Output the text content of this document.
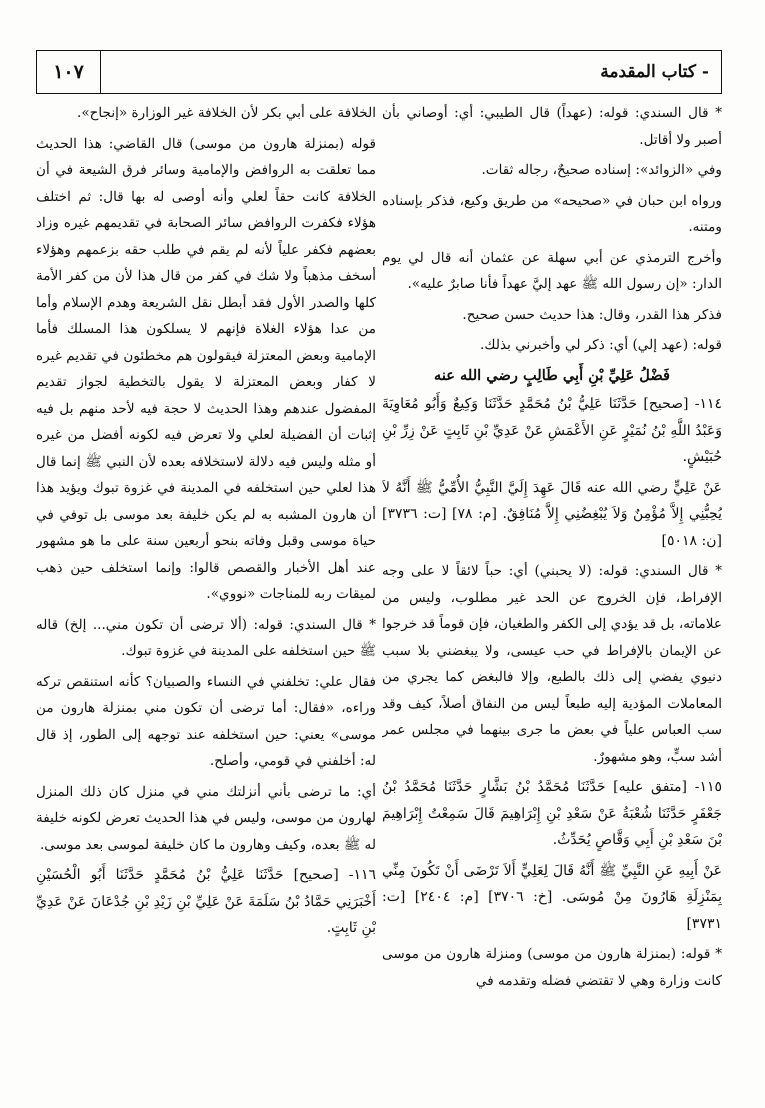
١٠٧	- كتاب المقدمة

* قال السندي: قوله: (عهداً) قال الطيبي: أي: أوصاني بأن أصبر ولا أقاتل.

وفي «الزوائد»: إسناده صحيحٌ، رجاله ثقات.

ورواه ابن حبان في «صحيحه» من طريق وكيع، فذكر بإسناده ومتنه.

وأخرج الترمذي عن أبي سهلة عن عثمان أنه قال لي يوم الدار: «إن رسول الله ﷺ عهد إليَّ عهداً فأنا صابرٌ عليه».

فذكر هذا القدر، وقال: هذا حديث حسن صحيح.

قوله: (عهد إلي) أي: ذكر لي وأخبرني بذلك.

فَضْلُ عَلِيِّ بْنِ أَبِي طَالِبٍ رضي الله عنه

١١٤- [صحيح] حَدَّثَنَا عَلِيُّ بْنُ مُحَمَّدٍ حَدَّثَنَا وَكِيعٌ وَأَبُو مُعَاوِيَةَ وَعَبْدُ اللَّهِ بْنُ نُمَيْرٍ عَنِ الأَعْمَشِ عَنْ عَدِيِّ بْنِ ثَابِتٍ عَنْ زِرِّ بْنِ حُبَيْشٍ.

عَنْ عَلِيٍّ رضي الله عنه قَالَ عَهِدَ إِلَيَّ النَّبِيُّ الأُمِّيُّ ﷺ أَنَّهُ لاَ يُحِبُّنِي إِلاَّ مُؤْمِنٌ وَلاَ يُبْغِضُنِي إِلاَّ مُنَافِقٌ. [م: ٧٨] [ت: ٣٧٣٦] [ن: ٥٠١٨]

* قال السندي: قوله: (لا يحبني) أي: حباً لائقاً لا على وجه الإفراط، فإن الخروج عن الحد غير مطلوب، وليس من علاماته، بل قد يؤدي إلى الكفر والطغيان، فإن قوماً قد خرجوا عن الإيمان بالإفراط في حب عيسى، ولا يبغضني بلا سبب دنيوي يفضي إلى ذلك بالطبع، وإلا فالبغض كما يجري من المعاملات المؤدية إليه طبعاً ليس من النفاق أصلاً، كيف وقد سب العباس علياً في بعض ما جرى بينهما في مجلس عمر أشد سبٍّ، وهو مشهورٌ.

١١٥- [متفق عليه] حَدَّثَنَا مُحَمَّدُ بْنُ بَشَّارٍ حَدَّثَنَا مُحَمَّدُ بْنُ جَعْفَرٍ حَدَّثَنَا شُعْبَةُ عَنْ سَعْدِ بْنِ إِبْرَاهِيمَ قَالَ سَمِعْتُ إِبْرَاهِيمَ بْنَ سَعْدِ بْنِ أَبِي وَقَّاصٍ يُحَدِّثُ.

عَنْ أَبِيهِ عَنِ النَّبِيِّ ﷺ أَنَّهُ قَالَ لِعَلِيٍّ أَلاَ تَرْضَى أَنْ تَكُونَ مِنِّي بِمَنْزِلَةِ هَارُونَ مِنْ مُوسَى. [خ: ٣٧٠٦] [م: ٢٤٠٤] [ت: ٣٧٣١]

* قوله: (بمنزلة هارون من موسى) ومنزلة هارون من موسى كانت وزارة وهي لا تقتضي فضله وتقدمه في

الخلافة على أبي بكر لأن الخلافة غير الوزارة «إنجاح».

قوله (بمنزلة هارون من موسى) قال القاضي: هذا الحديث مما تعلقت به الروافض والإمامية وسائر فرق الشيعة في أن الخلافة كانت حقاً لعلي وأنه أوصى له بها قال: ثم اختلف هؤلاء فكفرت الروافض سائر الصحابة في تقديمهم غيره وزاد بعضهم فكفر علياً لأنه لم يقم في طلب حقه بزعمهم وهؤلاء أسخف مذهباً ولا شك في كفر من قال هذا لأن من كفر الأمة كلها والصدر الأول فقد أبطل نقل الشريعة وهدم الإسلام وأما من عدا هؤلاء الغلاة فإنهم لا يسلكون هذا المسلك فأما الإمامية وبعض المعتزلة فيقولون هم مخطئون في تقديم غيره لا كفار وبعض المعتزلة لا يقول بالتخطية لجواز تقديم المفضول عندهم وهذا الحديث لا حجة فيه لأحد منهم بل فيه إثبات أن الفضيلة لعلي ولا تعرض فيه لكونه أفضل من غيره أو مثله وليس فيه دلالة لاستخلافه بعده لأن النبي ﷺ إنما قال هذا لعلي حين استخلفه في المدينة في غزوة تبوك ويؤيد هذا أن هارون المشبه به لم يكن خليفة بعد موسى بل توفي في حياة موسى وقبل وفاته بنحو أربعين سنة على ما هو مشهور عند أهل الأخبار والقصص قالوا: وإنما استخلف حين ذهب لميقات ربه للمناجات «نووي».

* قال السندي: قوله: (ألا ترضى أن تكون مني... إلخ) قاله ﷺ حين استخلفه على المدينة في غزوة تبوك.

فقال علي: تخلفني في النساء والصبيان؟ كأنه استنقص تركه وراءه، «فقال: أما ترضى أن تكون مني بمنزلة هارون من موسى» يعني: حين استخلفه عند توجهه إلى الطور، إذ قال له: أخلفني في قومي، وأصلح.

أي: ما ترضى بأني أنزلتك مني في منزل كان ذلك المنزل لهارون من موسى، وليس في هذا الحديث تعرض لكونه خليفة له ﷺ بعده، وكيف وهارون ما كان خليفة لموسى بعد موسى.

١١٦- [صحيح] حَدَّثَنَا عَلِيُّ بْنُ مُحَمَّدٍ حَدَّثَنَا أَبُو الْحُسَيْنِ أَخْبَرَنِي حَمَّادُ بْنُ سَلَمَةَ عَنْ عَلِيِّ بْنِ زَيْدِ بْنِ جُدْعَانَ عَنْ عَدِيِّ بْنِ ثَابِتٍ.
